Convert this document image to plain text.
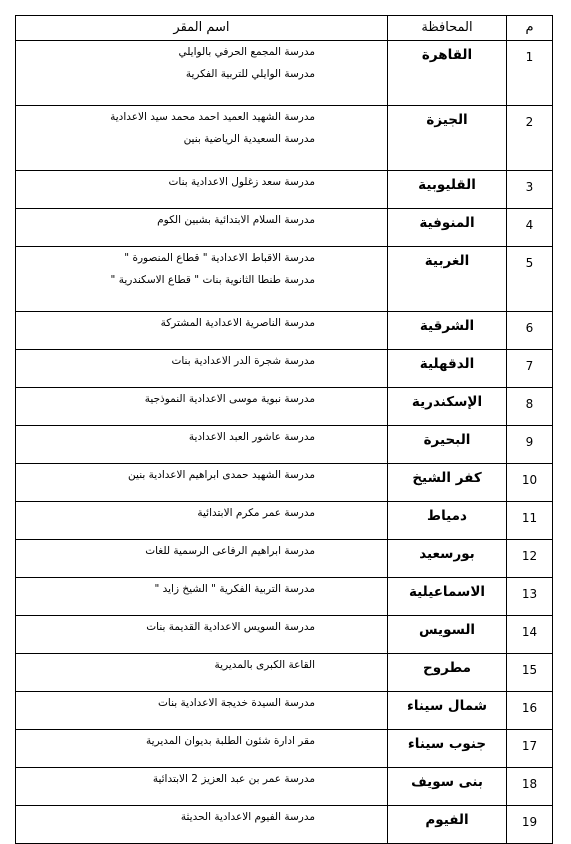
م	المحافظة	اسم المقر
1	القاهرة	مدرسة المجمع الحرفي بالوايلي
مدرسة الوايلي للتربية الفكرية

2	الجيزة	مدرسة الشهيد العميد احمد محمد سيد الاعدادية
مدرسة السعيدية الرياضية بنين

3	القليوبية	مدرسة سعد زغلول الاعدادية بنات

4	المنوفية	مدرسة السلام الابتدائية بشبين الكوم

5	الغربية	مدرسة الاقباط الاعدادية " قطاع المنصورة "
مدرسة طنطا الثانوية بنات " قطاع الاسكندرية "

6	الشرقية	مدرسة الناصرية الاعدادية المشتركة

7	الدقهلية	مدرسة شجرة الدر الاعدادية بنات

8	الإسكندرية	مدرسة نبوية موسى الاعدادية النموذجية

9	البحيرة	مدرسة عاشور العبد الاعدادية

10	كفر الشيخ	مدرسة الشهيد حمدى ابراهيم الاعدادية بنين

11	دمياط	مدرسة عمر مكرم الابتدائية

12	بورسعيد	مدرسة ابراهيم الرفاعى الرسمية للغات

13	الاسماعيلية	مدرسة التربية الفكرية " الشيخ زايد "

14	السويس	مدرسة السويس الاعدادية القديمة بنات

15	مطروح	القاعة الكبرى بالمديرية

16	شمال سيناء	مدرسة السيدة خديجة الاعدادية بنات

17	جنوب سيناء	مقر ادارة شئون الطلبة بديوان المديرية

18	بنى سويف	مدرسة عمر بن عبد العزيز 2 الابتدائية

19	الفيوم	مدرسة الفيوم الاعدادية الحديثة
